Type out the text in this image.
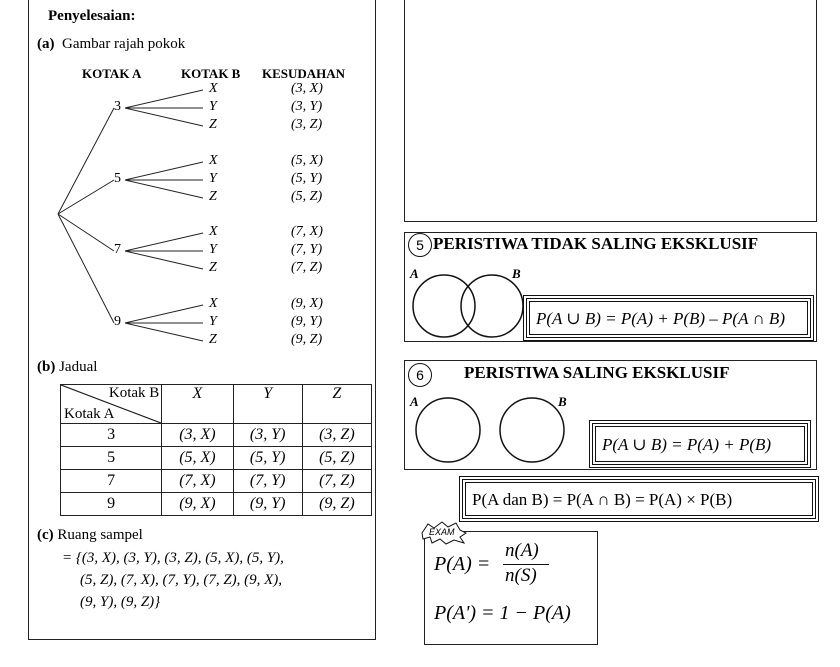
Penyelesaian:
(a) Gambar rajah pokok
KOTAK A	KOTAK B KESUDAHAN
3
X	(3, X)
Y	(3, Y)
Z	(3, Z)
5
X	(5, X)
Y	(5, Y)
Z	(5, Z)
7
X	(7, X)
Y	(7, Y)
Z	(7, Z)
9
X	(9, X)
Y	(9, Y)
Z	(9, Z)
(b) Jadual
Kotak B
Kotak A	X	Y	Z
3	(3, X)	(3, Y)	(3, Z)
5	(5, X)	(5, Y)	(5, Z)
7	(7, X)	(7, Y)	(7, Z)
9	(9, X)	(9, Y)	(9, Z)
(c) Ruang sampel
= {(3, X), (3, Y), (3, Z), (5, X), (5, Y),
(5, Z), (7, X), (7, Y), (7, Z), (9, X),
(9, Y), (9, Z)}
5 PERISTIWA TIDAK SALING EKSKLUSIF
A	B
P(A ∪ B) = P(A) + P(B) – P(A ∩ B)
6	PERISTIWA SALING EKSKLUSIF
A	B
P(A ∪ B) = P(A) + P(B)
P(A dan B) = P(A ∩ B) = P(A) × P(B)
EXAM
P(A) =
n(A)
n(S)
P(A') = 1 − P(A)
